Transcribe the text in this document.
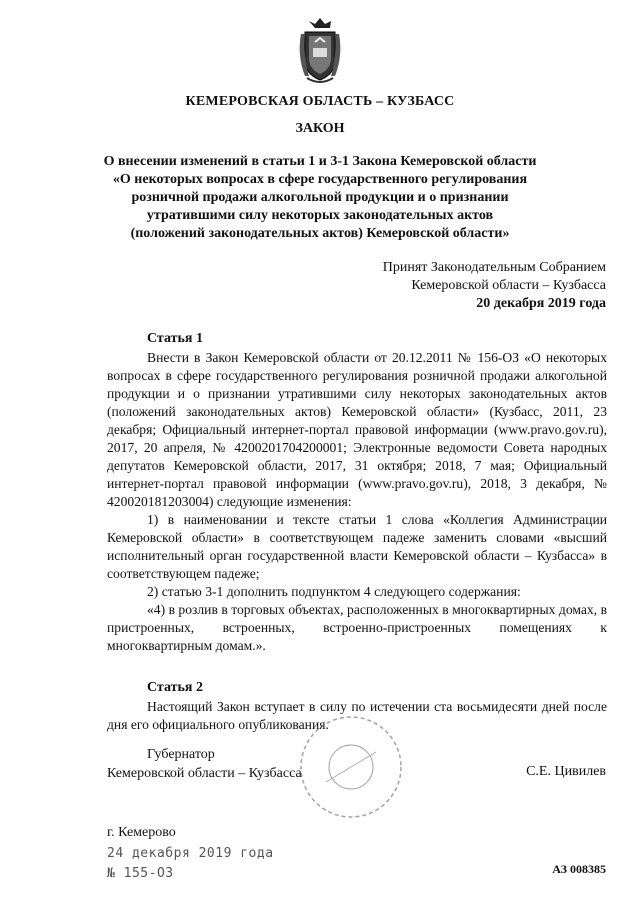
КЕМЕРОВСКАЯ ОБЛАСТЬ – КУЗБАСС
ЗАКОН
О внесении изменений в статьи 1 и 3-1 Закона Кемеровской области
«О некоторых вопросах в сфере государственного регулирования
розничной продажи алкогольной продукции и о признании
утратившими силу некоторых законодательных актов
(положений законодательных актов) Кемеровской области»
Принят Законодательным Собранием
Кемеровской области – Кузбасса
20 декабря 2019 года
Статья 1

Внести в Закон Кемеровской области от 20.12.2011 № 156-ОЗ «О некоторых вопросах в сфере государственного регулирования розничной продажи алкогольной продукции и о признании утратившими силу некоторых законодательных актов (положений законодательных актов) Кемеровской области» (Кузбасс, 2011, 23 декабря; Официальный интернет-портал правовой информации (www.pravo.gov.ru), 2017, 20 апреля, № 4200201704200001; Электронные ведомости Совета народных депутатов Кемеровской области, 2017, 31 октября; 2018, 7 мая; Официальный интернет-портал правовой информации (www.pravo.gov.ru), 2018, 3 декабря, № 420020181203004) следующие изменения:

1) в наименовании и тексте статьи 1 слова «Коллегия Администрации Кемеровской области» в соответствующем падеже заменить словами «высший исполнительный орган государственной власти Кемеровской области – Кузбасса» в соответствующем падеже;

2) статью 3-1 дополнить подпунктом 4 следующего содержания:

«4) в розлив в торговых объектах, расположенных в многоквартирных домах, в пристроенных, встроенных, встроенно-пристроенных помещениях к многоквартирным домам.».

Статья 2

Настоящий Закон вступает в силу по истечении ста восьмидесяти дней после дня его официального опубликования.

Губернатор
Кемеровской области – Кузбасса	С.Е. Цивилев
г. Кемерово
24 декабря 2019 года
№ 155-ОЗ	АЗ 008385
